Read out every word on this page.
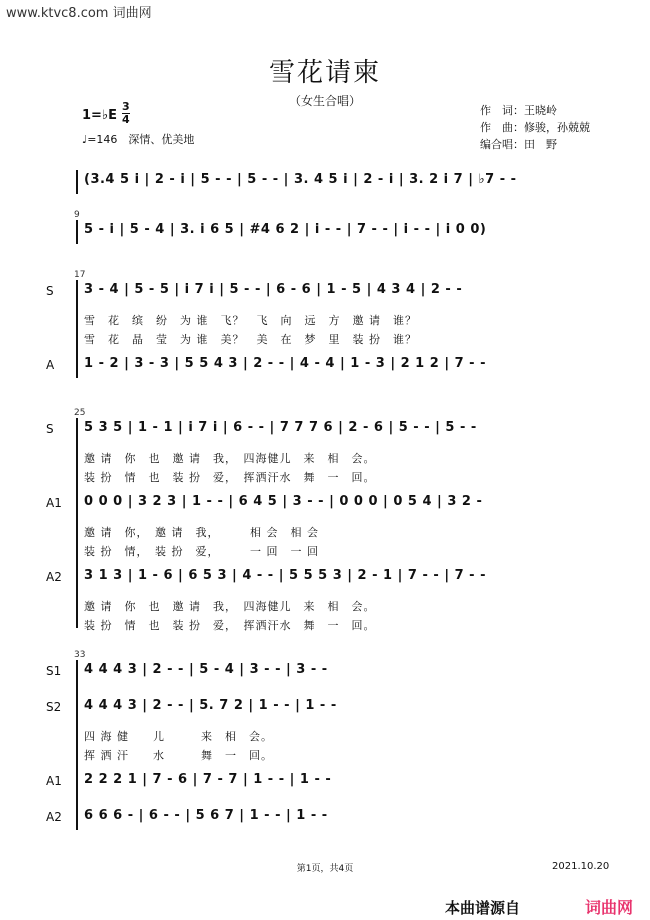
www.ktvc8.com 词曲网
雪花请柬
（女生合唱）
作　词：王晓岭
作　曲：修骏，孙兢兢
编合唱：田　野
1=♭E
3
4
♩=146　深情、优美地
(3.4 5 i | 2 - i | 5 - - | 5 - - | 3. 4 5 i | 2 - i | 3. 2 i 7 | ♭7 - -
9
5 - i | 5 - 4 | 3. i 6 5 | #4 6 2 | i - - | 7 - - | i - - | i 0 0)
17
S 3 - 4 | 5 - 5 | i 7 i | 5 - - | 6 - 6 | 1 - 5 | 4 3 4 | 2 - -
雪　花　缤　纷　为 谁　飞？　飞　向　远　方　邀 请　谁？
雪　花　晶　莹　为 谁　美？　美　在　梦　里　装 扮　谁？
A 1 - 2 | 3 - 3 | 5 5 4 3 | 2 - - | 4 - 4 | 1 - 3 | 2 1 2 | 7 - -
25
S 5 3 5 | 1 - 1 | i 7 i | 6 - - | 7 7 7 6 | 2 - 6 | 5 - - | 5 - -
邀 请　你　也　邀 请　我，　四海健儿　来　相　会。
装 扮　情　也　装 扮　爱，　挥洒汗水　舞　一　回。
A1 0 0 0 | 3 2 3 | 1 - - | 6 4 5 | 3 - - | 0 0 0 | 0 5 4 | 3 2 -
邀 请　你，　邀 请　我，　　　相 会　相 会
装 扮　情，　装 扮　爱，　　　一 回　一 回
A2 3 1 3 | 1 - 6 | 6 5 3 | 4 - - | 5 5 5 3 | 2 - 1 | 7 - - | 7 - -
邀 请　你　也　邀 请　我，　四海健儿　来　相　会。
装 扮　情　也　装 扮　爱，　挥洒汗水　舞　一　回。
33
S1 4 4 4 3 | 2 - - | 5 - 4 | 3 - - | 3 - -
S2 4 4 4 3 | 2 - - | 5. 7 2 | 1 - - | 1 - -
四 海 健　　儿　　　来　相　会。
挥 洒 汗　　水　　　舞　一　回。
A1 2 2 2 1 | 7 - 6 | 7 - 7 | 1 - - | 1 - -
A2 6 6 6 - | 6 - - | 5 6 7 | 1 - - | 1 - -
第1页，共4页	2021.10.20
本曲谱源自	词曲网
